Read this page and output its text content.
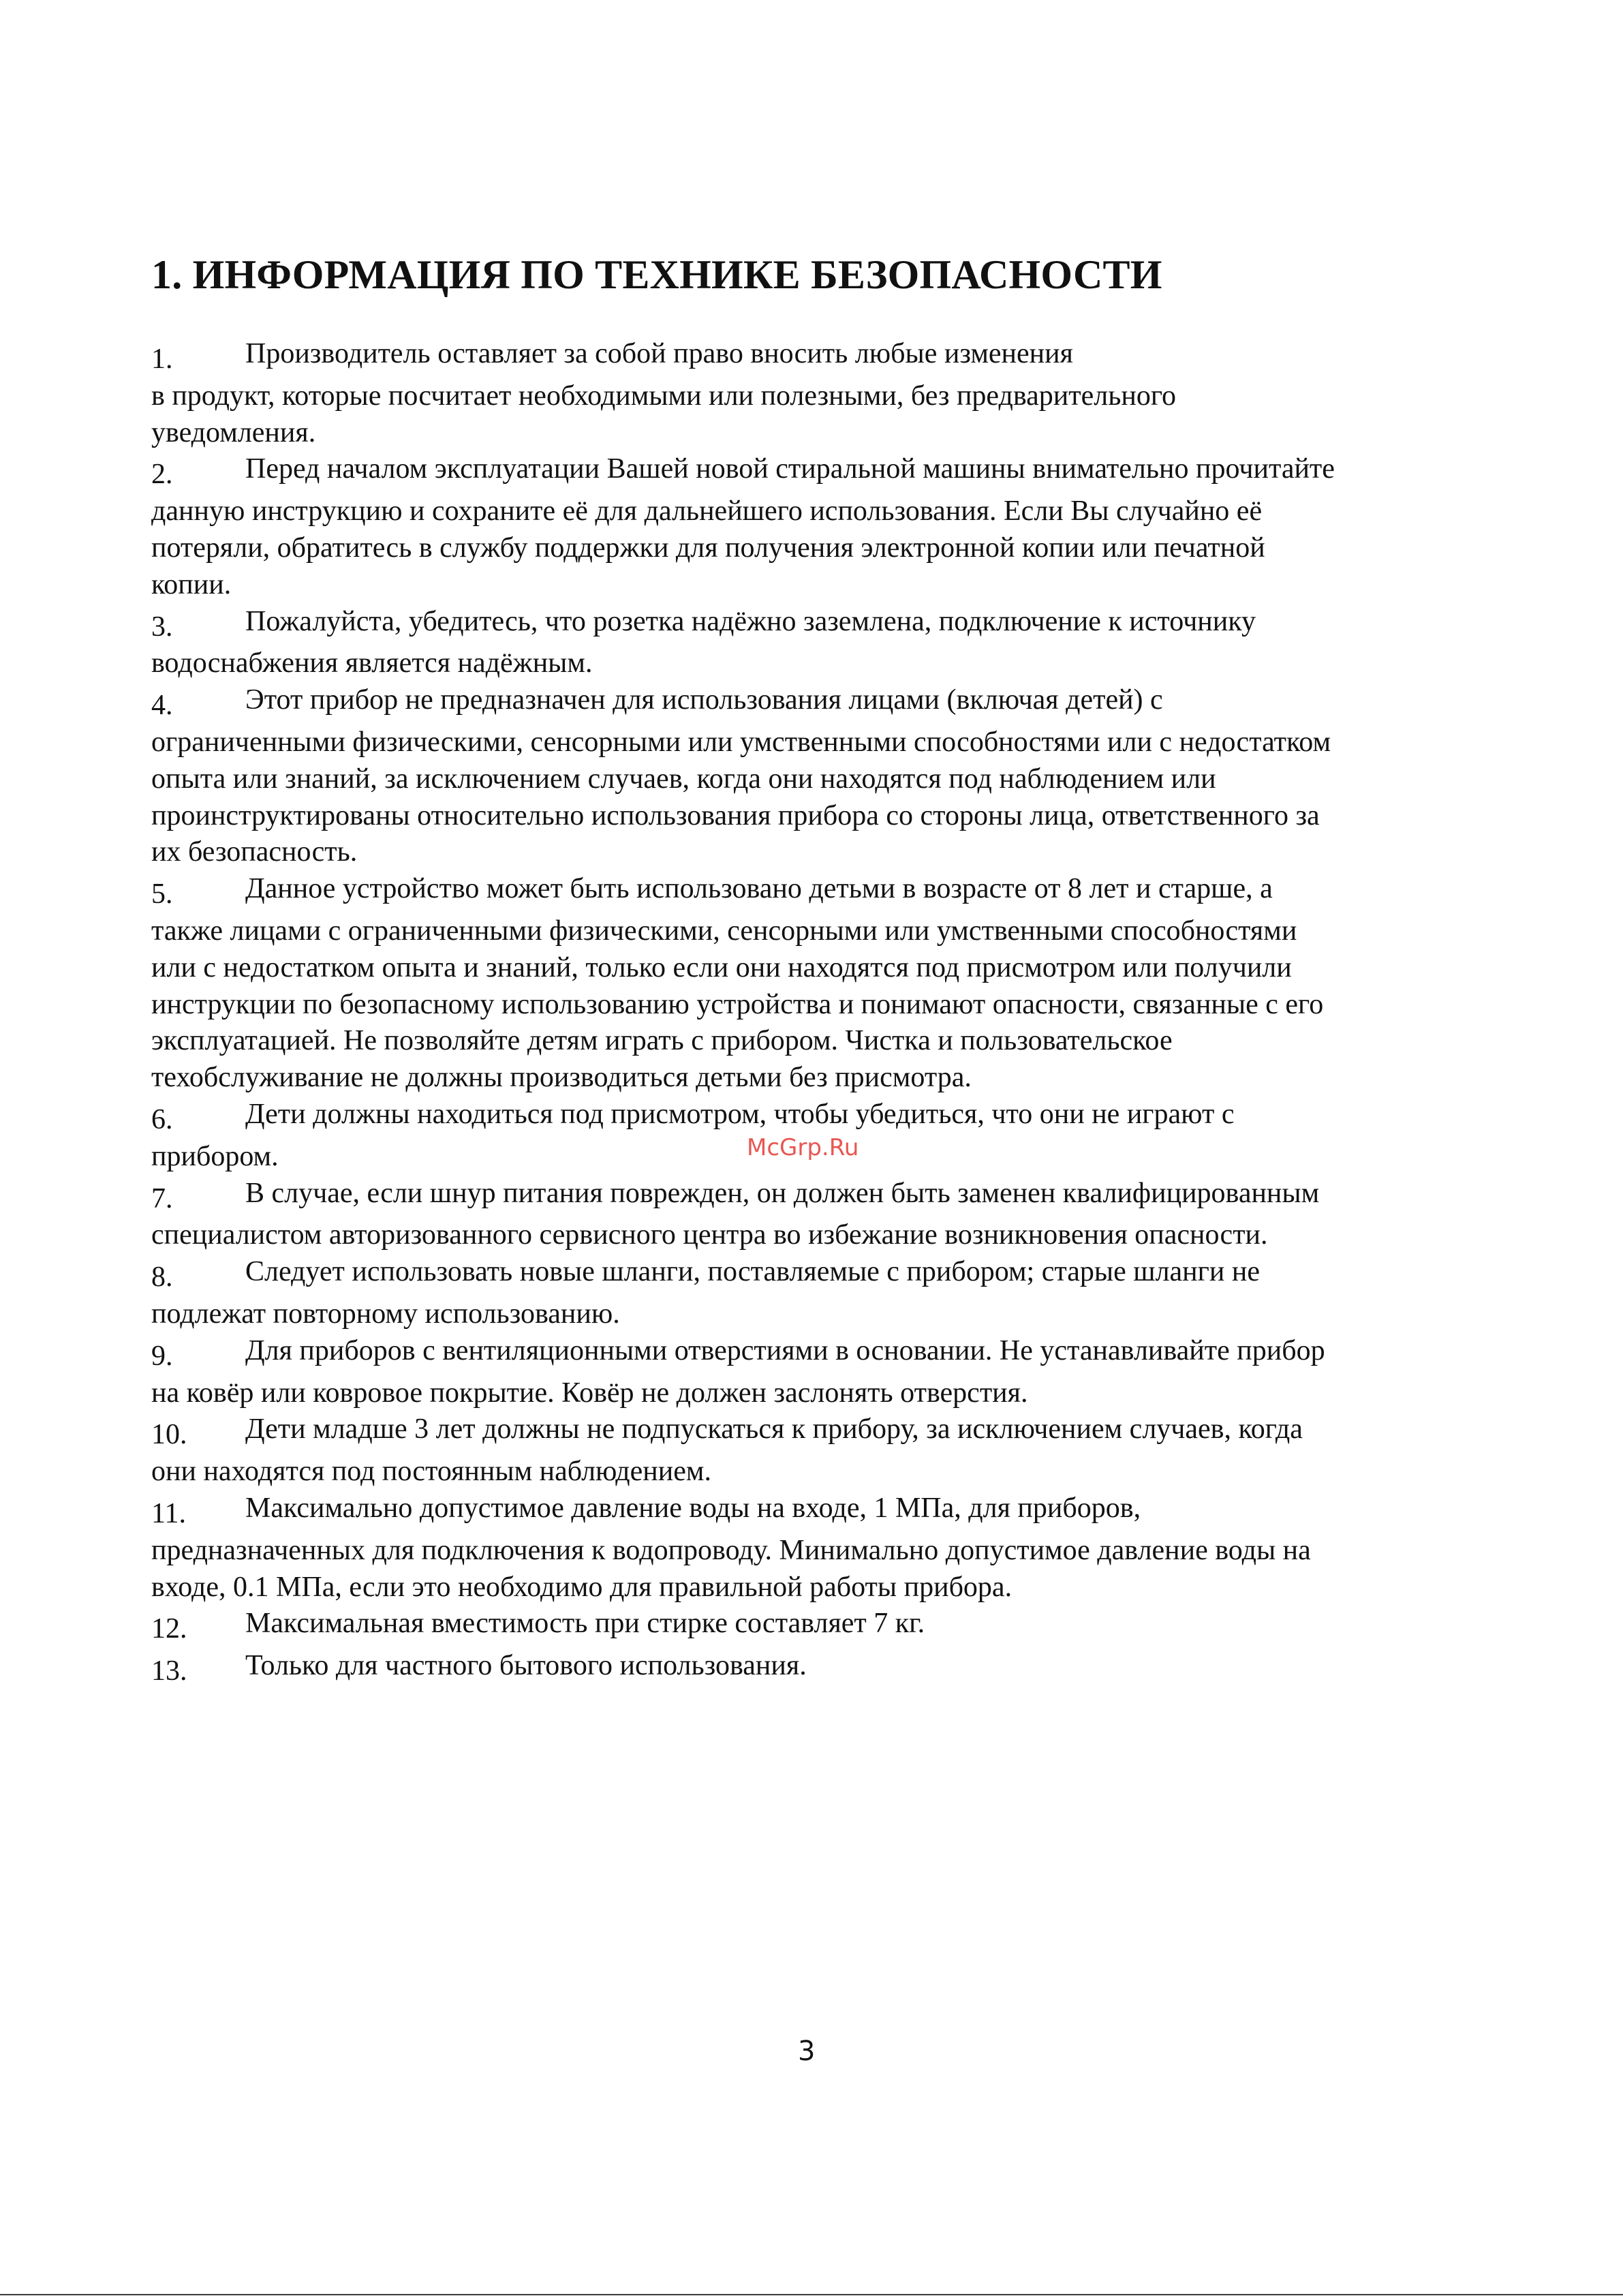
1. ИНФОРМАЦИЯ ПО ТЕХНИКЕ БЕЗОПАСНОСТИ
1.	Производитель оставляет за собой право вносить любые изменения
в продукт, которые посчитает необходимыми или полезными, без предварительного
уведомления.
2.	Перед началом эксплуатации Вашей новой стиральной машины внимательно прочитайте
данную инструкцию и сохраните её для дальнейшего использования. Если Вы случайно её
потеряли, обратитесь в службу поддержки для получения электронной копии или печатной
копии.
3.	Пожалуйста, убедитесь, что розетка надёжно заземлена, подключение к источнику
водоснабжения является надёжным.
4.	Этот прибор не предназначен для использования лицами (включая детей) с
ограниченными физическими, сенсорными или умственными способностями или с недостатком
опыта или знаний, за исключением случаев, когда они находятся под наблюдением или
проинструктированы относительно использования прибора со стороны лица, ответственного за
их безопасность.
5.	Данное устройство может быть использовано детьми в возрасте от 8 лет и старше, а
также лицами с ограниченными физическими, сенсорными или умственными способностями
или с недостатком опыта и знаний, только если они находятся под присмотром или получили
инструкции по безопасному использованию устройства и понимают опасности, связанные с его
эксплуатацией. Не позволяйте детям играть с прибором. Чистка и пользовательское
техобслуживание не должны производиться детьми без присмотра.
6.	Дети должны находиться под присмотром, чтобы убедиться, что они не играют с
прибором.
7.	В случае, если шнур питания поврежден, он должен быть заменен квалифицированным
специалистом авторизованного сервисного центра во избежание возникновения опасности.
8.	Следует использовать новые шланги, поставляемые с прибором; старые шланги не
подлежат повторному использованию.
9.	Для приборов с вентиляционными отверстиями в основании. Не устанавливайте прибор
на ковёр или ковровое покрытие. Ковёр не должен заслонять отверстия.
10. Дети младше 3 лет должны не подпускаться к прибору, за исключением случаев, когда
они находятся под постоянным наблюдением.
11. Максимально допустимое давление воды на входе, 1 МПа, для приборов,
предназначенных для подключения к водопроводу. Минимально допустимое давление воды на
входе, 0.1 МПа, если это необходимо для правильной работы прибора.
12. Максимальная вместимость при стирке составляет 7 кг.
13. Только для частного бытового использования.
McGrp.Ru
3
